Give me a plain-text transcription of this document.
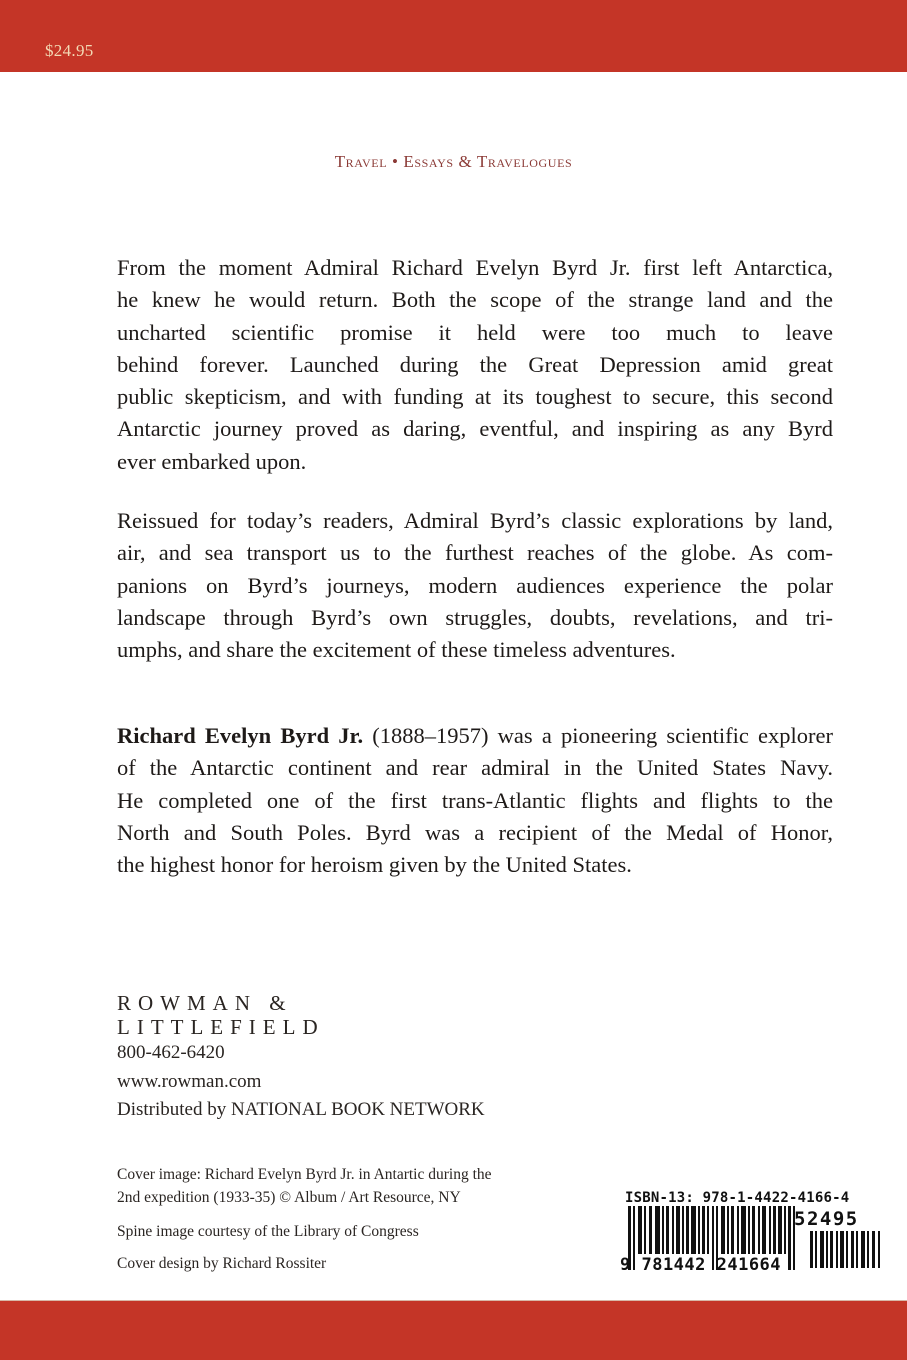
$24.95
Travel • Essays & Travelogues
From the moment Admiral Richard Evelyn Byrd Jr. first left Antarctica,
he knew he would return. Both the scope of the strange land and the
uncharted scientific promise it held were too much to leave
behind forever. Launched during the Great Depression amid great
public skepticism, and with funding at its toughest to secure, this second
Antarctic journey proved as daring, eventful, and inspiring as any Byrd
ever embarked upon.
Reissued for today’s readers, Admiral Byrd’s classic explorations by land,
air, and sea transport us to the furthest reaches of the globe. As com-
panions on Byrd’s journeys, modern audiences experience the polar
landscape through Byrd’s own struggles, doubts, revelations, and tri-
umphs, and share the excitement of these timeless adventures.
Richard Evelyn Byrd Jr. (1888–1957) was a pioneering scientific explorer
of the Antarctic continent and rear admiral in the United States Navy.
He completed one of the first trans-Atlantic flights and flights to the
North and South Poles. Byrd was a recipient of the Medal of Honor,
the highest honor for heroism given by the United States.
ROWMAN &
LITTLEFIELD
800-462-6420
www.rowman.com
Distributed by NATIONAL BOOK NETWORK
Cover image: Richard Evelyn Byrd Jr. in Antartic during the
2nd expedition (1933-35) © Album / Art Resource, NY
Spine image courtesy of the Library of Congress
Cover design by Richard Rossiter
ISBN-13: 978-1-4422-4166-4
52495
9 781442 241664
